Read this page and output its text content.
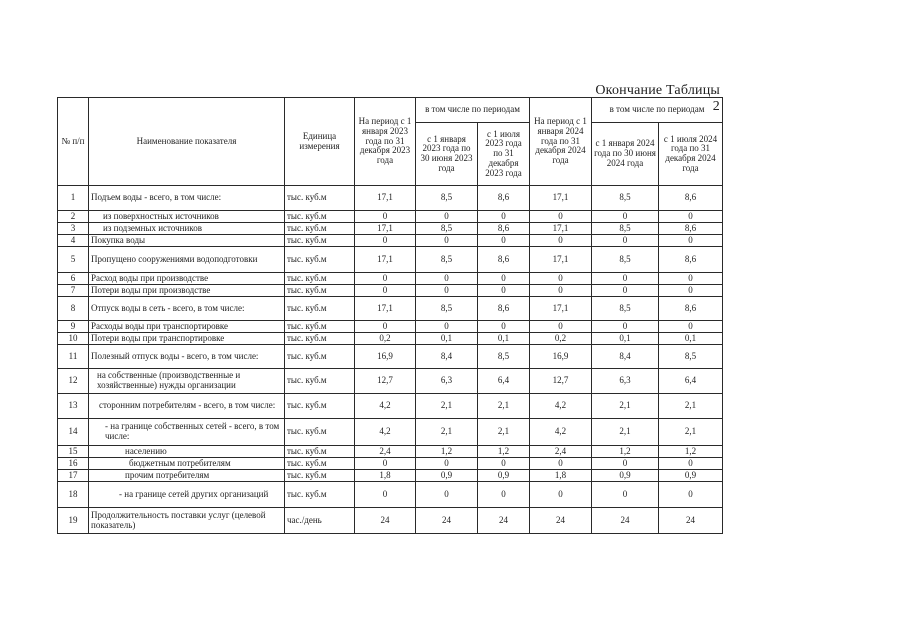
Окончание Таблицы 2
№ п/п	Наименование показателя	Единица измерения	На период с 1 января 2023 года по 31 декабря 2023 года	в том числе по периодам		На период с 1 января 2024 года по 31 декабря 2024 года	в том числе по периодам	
				с 1 января 2023 года по 30 июня 2023 года	с 1 июля 2023 года по 31 декабря 2023 года		с 1 января 2024 года по 30 июня 2024 года	с 1 июля 2024 года по 31 декабря 2024 года
1	Подъем воды - всего, в том числе:	тыс. куб.м	17,1	8,5	8,6	17,1	8,5	8,6
2	из поверхностных источников	тыс. куб.м	0	0	0	0	0	0
3	из подземных источников	тыс. куб.м	17,1	8,5	8,6	17,1	8,5	8,6
4	Покупка воды	тыс. куб.м	0	0	0	0	0	0
5	Пропущено сооружениями водоподготовки	тыс. куб.м	17,1	8,5	8,6	17,1	8,5	8,6
6	Расход воды при производстве	тыс. куб.м	0	0	0	0	0	0
7	Потери воды при производстве	тыс. куб.м	0	0	0	0	0	0
8	Отпуск воды в сеть - всего, в том числе:	тыс. куб.м	17,1	8,5	8,6	17,1	8,5	8,6
9	Расходы воды при транспортировке	тыс. куб.м	0	0	0	0	0	0
10	Потери воды при транспортировке	тыс. куб.м	0,2	0,1	0,1	0,2	0,1	0,1
11	Полезный отпуск воды - всего, в том числе:	тыс. куб.м	16,9	8,4	8,5	16,9	8,4	8,5
12	на собственные (производственные и хозяйственные) нужды организации	тыс. куб.м	12,7	6,3	6,4	12,7	6,3	6,4
13	сторонним потребителям - всего, в том числе:	тыс. куб.м	4,2	2,1	2,1	4,2	2,1	2,1
14	- на границе собственных сетей - всего, в том числе:	тыс. куб.м	4,2	2,1	2,1	4,2	2,1	2,1
15	населению	тыс. куб.м	2,4	1,2	1,2	2,4	1,2	1,2
16	бюджетным потребителям	тыс. куб.м	0	0	0	0	0	0
17	прочим потребителям	тыс. куб.м	1,8	0,9	0,9	1,8	0,9	0,9
18	- на границе сетей других организаций	тыс. куб.м	0	0	0	0	0	0
19	Продолжительность поставки услуг (целевой показатель)	час./день	24	24	24	24	24	24
